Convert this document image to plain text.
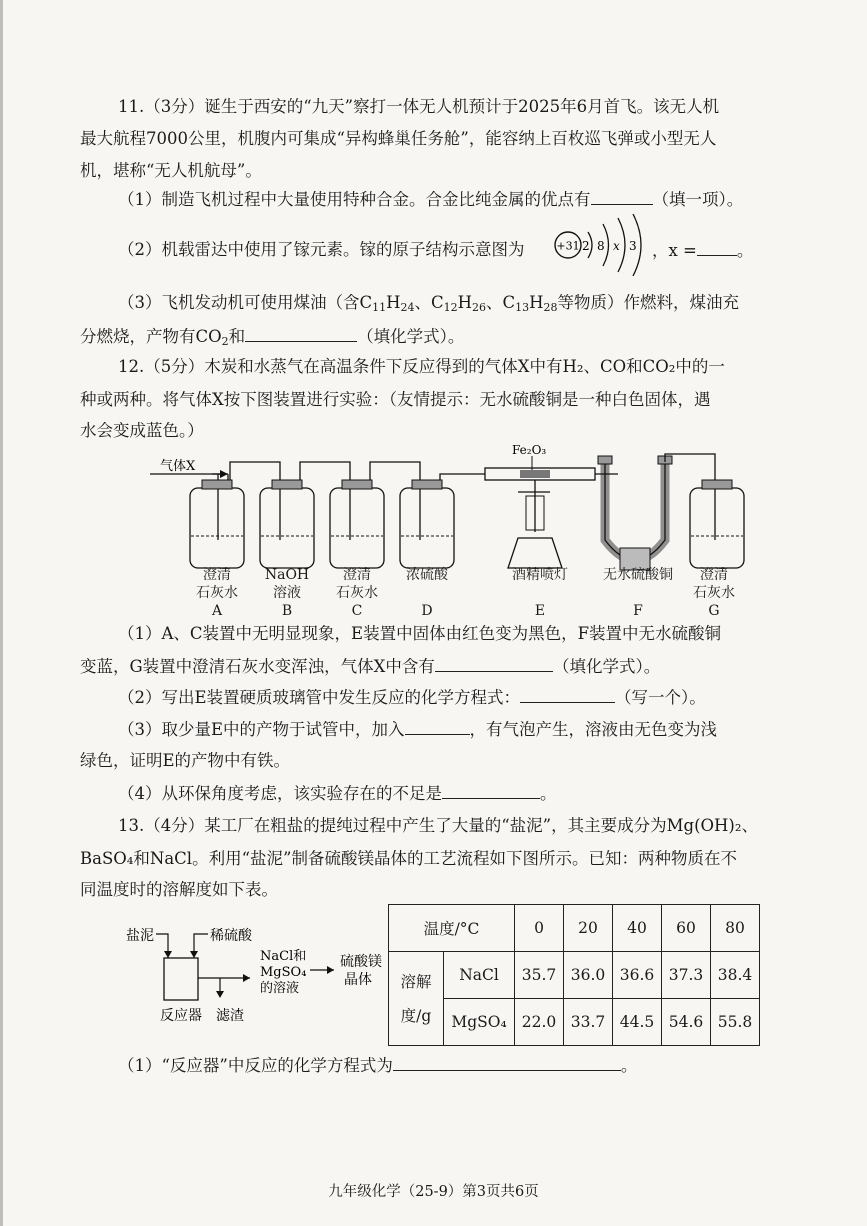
11.（3分）诞生于西安的“九天”察打一体无人机预计于2025年6月首飞。该无人机
最大航程7000公里，机腹内可集成“异构蜂巢任务舱”，能容纳上百枚巡飞弹或小型无人
机，堪称“无人机航母”。
（1）制造飞机过程中大量使用特种合金。合金比纯金属的优点有	（填一项）。
（2）机载雷达中使用了镓元素。镓的原子结构示意图为	+31 2 8 x 3 ，x = 。
（3）飞机发动机可使用煤油（含$C_{11}H_{24}$、$C_{12}H_{26}$、$C_{13}H_{28}$等物质）作燃料，煤油充
分燃烧，产物有$CO_2$和	（填化学式）。
12.（5分）木炭和水蒸气在高温条件下反应得到的气体X中有H₂、CO和CO₂中的一
种或两种。将气体X按下图装置进行实验：（友情提示：无水硫酸铜是一种白色固体，遇
水会变成蓝色。）
气体X
Fe₂O₃
澄清
石灰水
A
NaOH
溶液
B
澄清
石灰水
C
浓硫酸
D
酒精喷灯
E
无水硫酸铜
F
澄清
石灰水
G
（1）A、C装置中无明显现象，E装置中固体由红色变为黑色，F装置中无水硫酸铜
变蓝，G装置中澄清石灰水变浑浊，气体X中含有	（填化学式）。
（2）写出E装置硬质玻璃管中发生反应的化学方程式：	（写一个）。
（3）取少量E中的产物于试管中，加入	，有气泡产生，溶液由无色变为浅
绿色，证明E的产物中有铁。
（4）从环保角度考虑，该实验存在的不足是	。
13.（4分）某工厂在粗盐的提纯过程中产生了大量的“盐泥”，其主要成分为Mg(OH)₂、
BaSO₄和NaCl。利用“盐泥”制备硫酸镁晶体的工艺流程如下图所示。已知：两种物质在不
同温度时的溶解度如下表。
盐泥	稀硫酸
反应器 滤渣
NaCl和
MgSO₄
的溶液
硫酸镁
晶体
温度/°C		0	20	40	60	80

溶解
度/g	NaCl	35.7	36.0	36.6	37.3	38.4
	MgSO₄	22.0	33.7	44.5	54.6	55.8
（1）“反应器”中反应的化学方程式为	。
九年级化学（25-9）第3页共6页
